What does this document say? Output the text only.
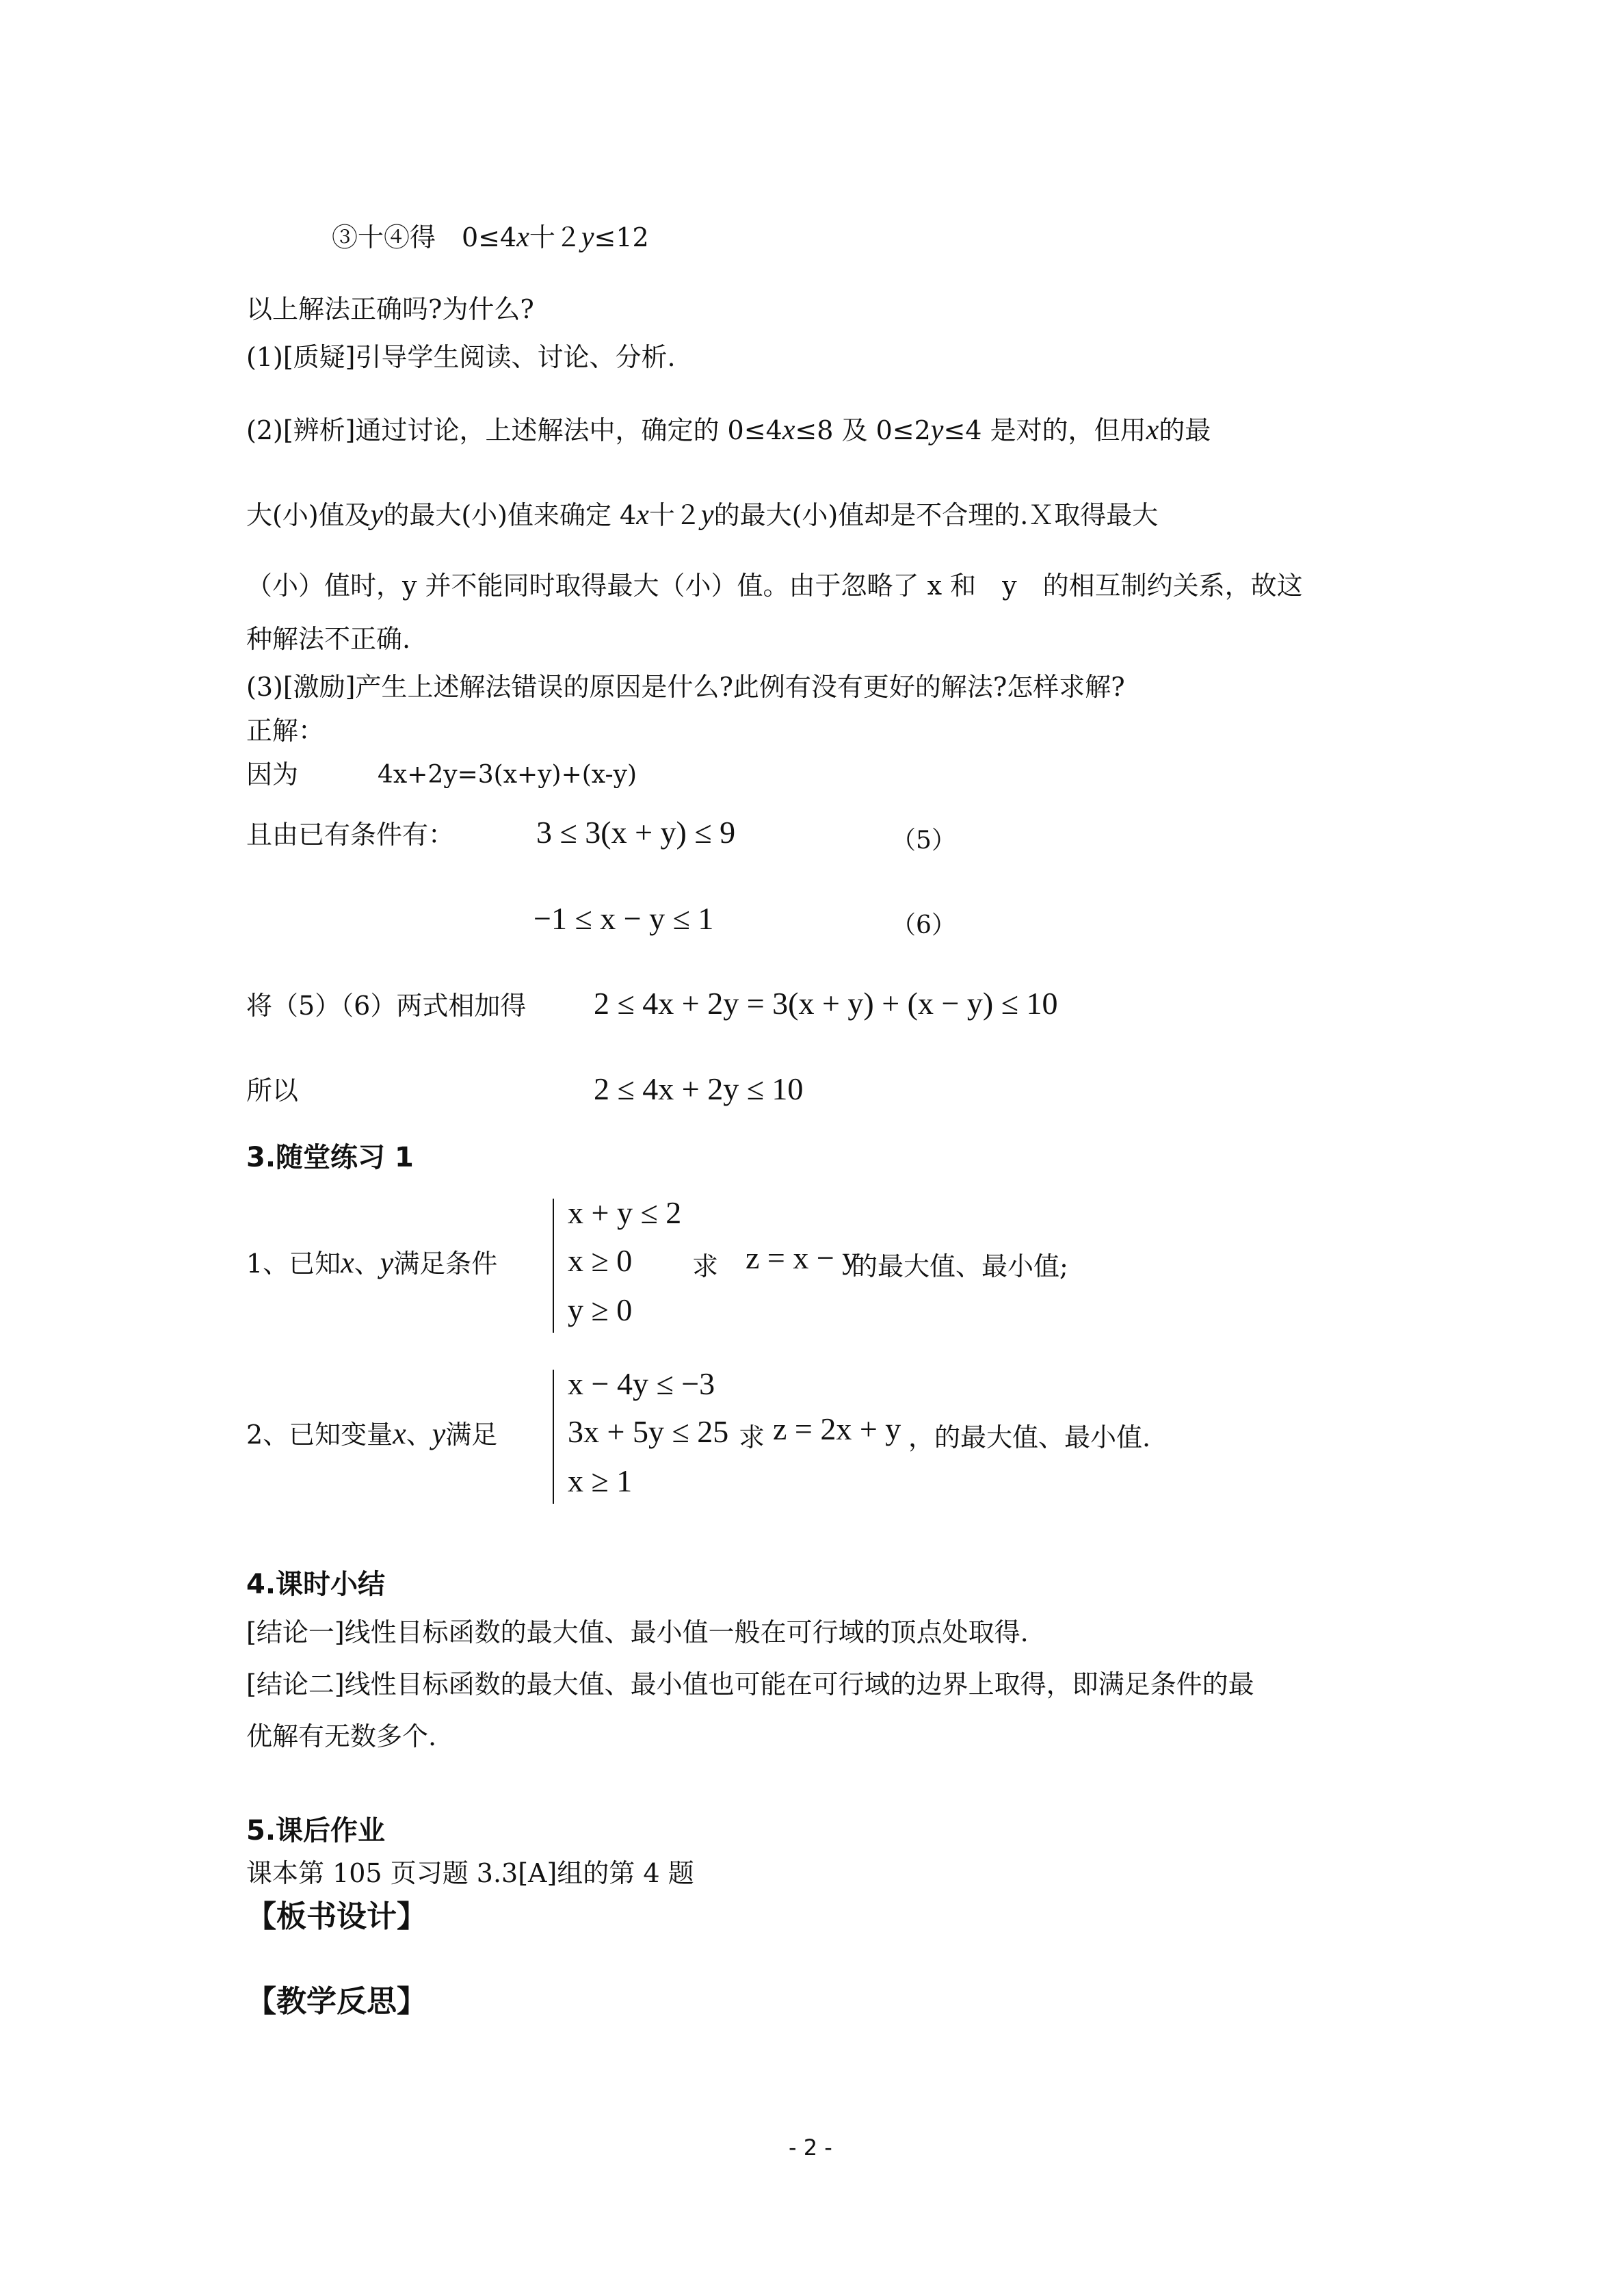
③十④得　0≤4x十２y≤12
以上解法正确吗?为什么?
(1)[质疑]引导学生阅读、讨论、分析.
(2)[辨析]通过讨论，上述解法中，确定的 0≤4x≤8 及 0≤2y≤4 是对的，但用x的最
大(小)值及y的最大(小)值来确定 4x十２y的最大(小)值却是不合理的.Ｘ取得最大
（小）值时，y 并不能同时取得最大（小）值。由于忽略了 x 和　y　的相互制约关系，故这
种解法不正确.
(3)[激励]产生上述解法错误的原因是什么?此例有没有更好的解法?怎样求解?
正解：
因为	4x+2y=3(x+y)+(x-y)
且由已有条件有：	3 ≤ 3(x + y) ≤ 9	（5）
−1 ≤ x − y ≤ 1	（6）
将（5）（6）两式相加得 2 ≤ 4x + 2y = 3(x + y) + (x − y) ≤ 10
所以	2 ≤ 4x + 2y ≤ 10
3.随堂练习 1
1、已知x、y满足条件
x + y ≤ 2
x ≥ 0
y ≥ 0
求 z = x − y
的最大值、最小值;
2、已知变量x、y满足
x − 4y ≤ −3
3x + 5y ≤ 25
x ≥ 1
求 z = 2x + y ，的最大值、最小值.
4.课时小结
[结论一]线性目标函数的最大值、最小值一般在可行域的顶点处取得.
[结论二]线性目标函数的最大值、最小值也可能在可行域的边界上取得，即满足条件的最
优解有无数多个.
5.课后作业
课本第 105 页习题 3.3[A]组的第 4 题
【板书设计】
【教学反思】
- 2 -
